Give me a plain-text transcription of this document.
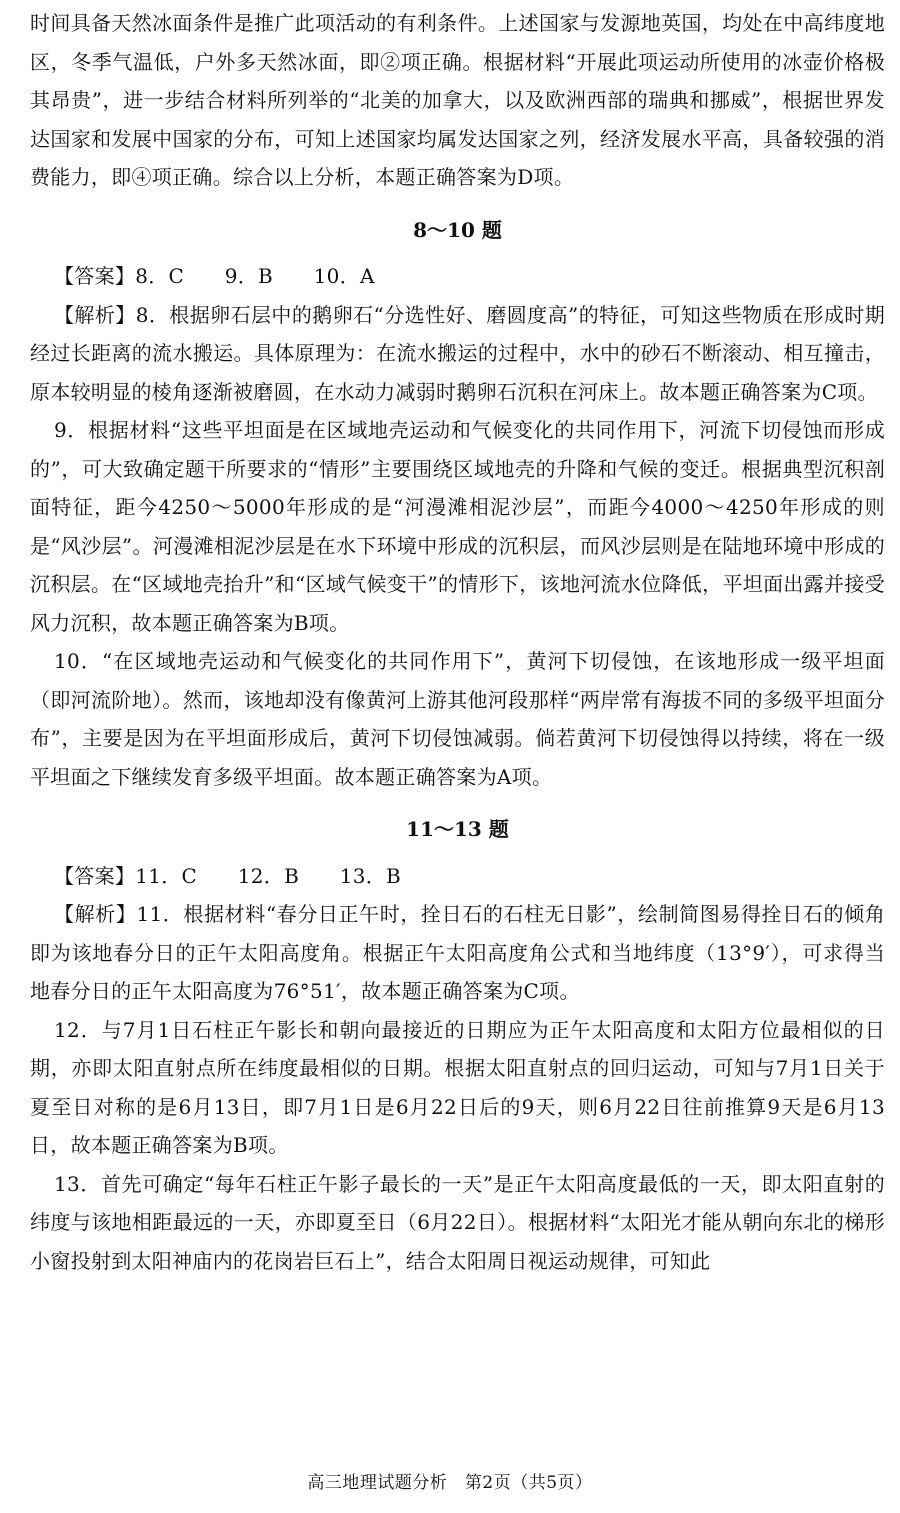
时间具备天然冰面条件是推广此项活动的有利条件。上述国家与发源地英国，均处在中高纬度地区，冬季气温低，户外多天然冰面，即②项正确。根据材料“开展此项运动所使用的冰壶价格极其昂贵”，进一步结合材料所列举的“北美的加拿大，以及欧洲西部的瑞典和挪威”，根据世界发达国家和发展中国家的分布，可知上述国家均属发达国家之列，经济发展水平高，具备较强的消费能力，即④项正确。综合以上分析，本题正确答案为D项。

8～10 题

【答案】8．C　　9．B　　10．A

【解析】8．根据卵石层中的鹅卵石“分选性好、磨圆度高”的特征，可知这些物质在形成时期经过长距离的流水搬运。具体原理为：在流水搬运的过程中，水中的砂石不断滚动、相互撞击，原本较明显的棱角逐渐被磨圆，在水动力减弱时鹅卵石沉积在河床上。故本题正确答案为C项。

9．根据材料“这些平坦面是在区域地壳运动和气候变化的共同作用下，河流下切侵蚀而形成的”，可大致确定题干所要求的“情形”主要围绕区域地壳的升降和气候的变迁。根据典型沉积剖面特征，距今4250～5000年形成的是“河漫滩相泥沙层”，而距今4000～4250年形成的则是“风沙层”。河漫滩相泥沙层是在水下环境中形成的沉积层，而风沙层则是在陆地环境中形成的沉积层。在“区域地壳抬升”和“区域气候变干”的情形下，该地河流水位降低，平坦面出露并接受风力沉积，故本题正确答案为B项。

10．“在区域地壳运动和气候变化的共同作用下”，黄河下切侵蚀，在该地形成一级平坦面（即河流阶地）。然而，该地却没有像黄河上游其他河段那样“两岸常有海拔不同的多级平坦面分布”，主要是因为在平坦面形成后，黄河下切侵蚀减弱。倘若黄河下切侵蚀得以持续，将在一级平坦面之下继续发育多级平坦面。故本题正确答案为A项。

11～13 题

【答案】11．C　　12．B　　13．B

【解析】11．根据材料“春分日正午时，拴日石的石柱无日影”，绘制简图易得拴日石的倾角即为该地春分日的正午太阳高度角。根据正午太阳高度角公式和当地纬度（13°9′），可求得当地春分日的正午太阳高度为76°51′，故本题正确答案为C项。

12．与7月1日石柱正午影长和朝向最接近的日期应为正午太阳高度和太阳方位最相似的日期，亦即太阳直射点所在纬度最相似的日期。根据太阳直射点的回归运动，可知与7月1日关于夏至日对称的是6月13日，即7月1日是6月22日后的9天，则6月22日往前推算9天是6月13日，故本题正确答案为B项。

13．首先可确定“每年石柱正午影子最长的一天”是正午太阳高度最低的一天，即太阳直射的纬度与该地相距最远的一天，亦即夏至日（6月22日）。根据材料“太阳光才能从朝向东北的梯形小窗投射到太阳神庙内的花岗岩巨石上”，结合太阳周日视运动规律，可知此

高三地理试题分析　第2页（共5页）
